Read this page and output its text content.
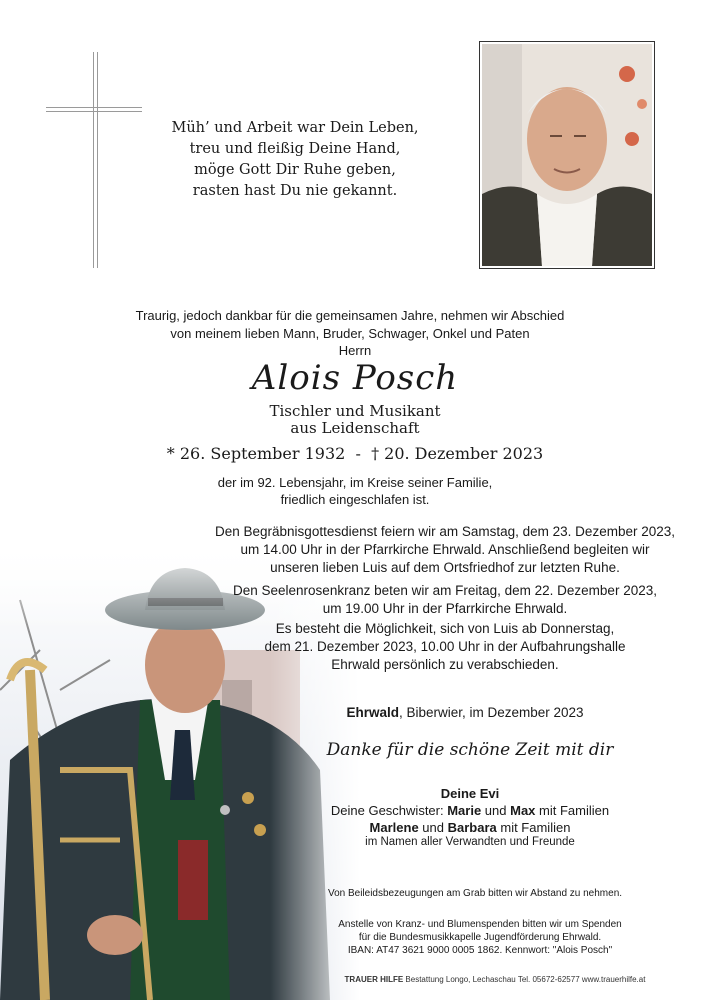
Müh’ und Arbeit war Dein Leben,
treu und fleißig Deine Hand,
möge Gott Dir Ruhe geben,
rasten hast Du nie gekannt.
Traurig, jedoch dankbar für die gemeinsamen Jahre, nehmen wir Abschied
von meinem lieben Mann, Bruder, Schwager, Onkel und Paten
Herrn
Alois Posch
Tischler und Musikant
aus Leidenschaft
* 26. September 1932 - † 20. Dezember 2023
der im 92. Lebensjahr, im Kreise seiner Familie,
friedlich eingeschlafen ist.
Den Begräbnisgottesdienst feiern wir am Samstag, dem 23. Dezember 2023,
um 14.00 Uhr in der Pfarrkirche Ehrwald. Anschließend begleiten wir
unseren lieben Luis auf dem Ortsfriedhof zur letzten Ruhe.
Den Seelenrosenkranz beten wir am Freitag, dem 22. Dezember 2023,
um 19.00 Uhr in der Pfarrkirche Ehrwald.
Es besteht die Möglichkeit, sich von Luis ab Donnerstag,
dem 21. Dezember 2023, 10.00 Uhr in der Aufbahrungshalle
Ehrwald persönlich zu verabschieden.
Ehrwald, Biberwier, im Dezember 2023
Danke für die schöne Zeit mit dir
Deine Evi
Deine Geschwister: Marie und Max mit Familien
Marlene und Barbara mit Familien
im Namen aller Verwandten und Freunde
Von Beileidsbezeugungen am Grab bitten wir Abstand zu nehmen.
Anstelle von Kranz- und Blumenspenden bitten wir um Spenden
für die Bundesmusikkapelle Jugendförderung Ehrwald.
IBAN: AT47 3621 9000 0005 1862. Kennwort: "Alois Posch"
TRAUER HILFE Bestattung Longo, Lechaschau Tel. 05672-62577 www.trauerhilfe.at
